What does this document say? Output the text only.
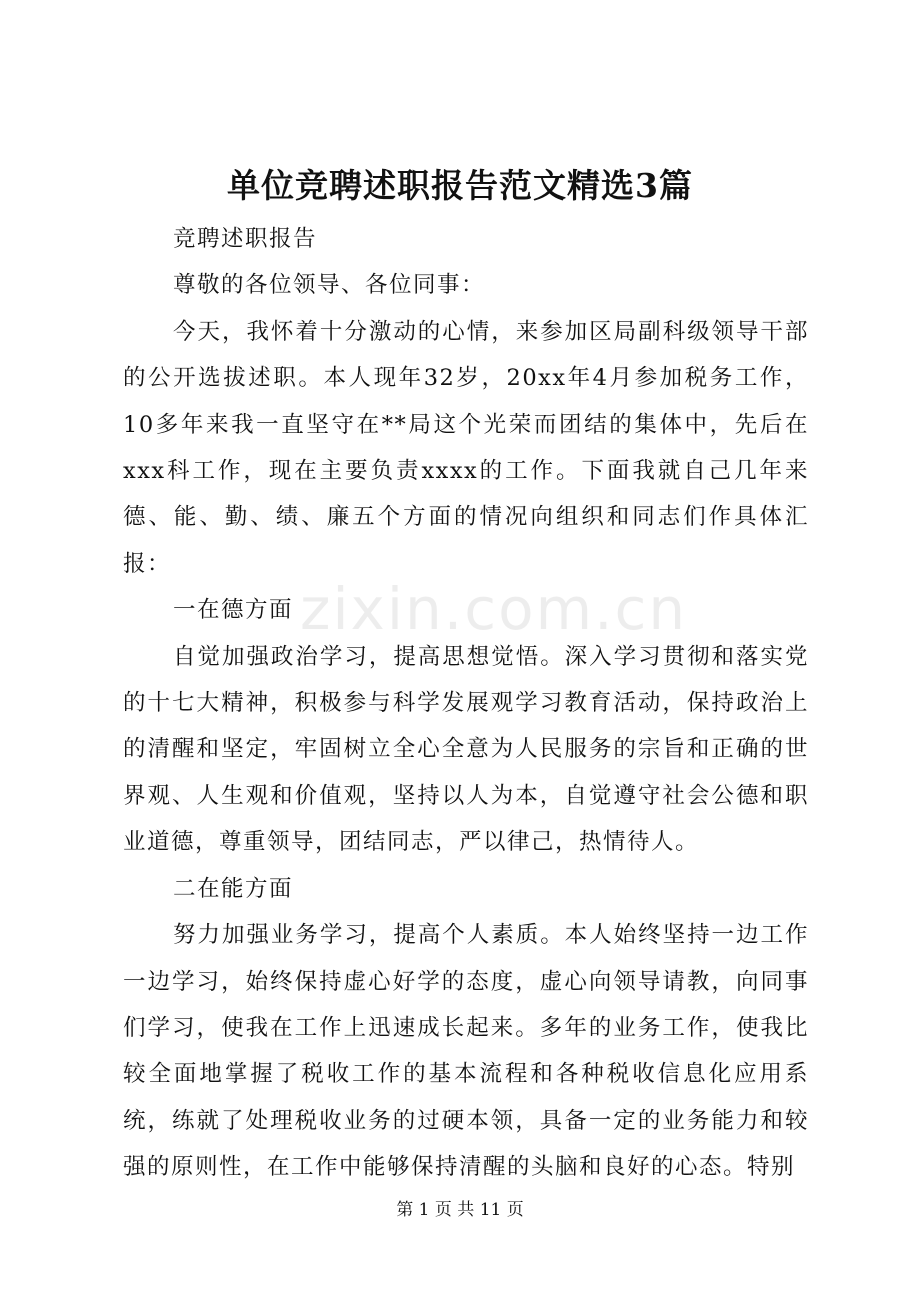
单位竞聘述职报告范文精选3篇
zixin.com.cn

竞聘述职报告

尊敬的各位领导、各位同事：

今天，我怀着十分激动的心情，来参加区局副科级领导干部的公开选拔述职。本人现年32岁，20xx年4月参加税务工作，10多年来我一直坚守在**局这个光荣而团结的集体中，先后在xxx科工作，现在主要负责xxxx的工作。下面我就自己几年来德、能、勤、绩、廉五个方面的情况向组织和同志们作具体汇报：

一在德方面

自觉加强政治学习，提高思想觉悟。深入学习贯彻和落实党的十七大精神，积极参与科学发展观学习教育活动，保持政治上的清醒和坚定，牢固树立全心全意为人民服务的宗旨和正确的世界观、人生观和价值观，坚持以人为本，自觉遵守社会公德和职业道德，尊重领导，团结同志，严以律己，热情待人。

二在能方面

努力加强业务学习，提高个人素质。本人始终坚持一边工作一边学习，始终保持虚心好学的态度，虚心向领导请教，向同事们学习，使我在工作上迅速成长起来。多年的业务工作，使我比较全面地掌握了税收工作的基本流程和各种税收信息化应用系统，练就了处理税收业务的过硬本领，具备一定的业务能力和较强的原则性，在工作中能够保持清醒的头脑和良好的心态。特别

第 1 页 共 11 页
